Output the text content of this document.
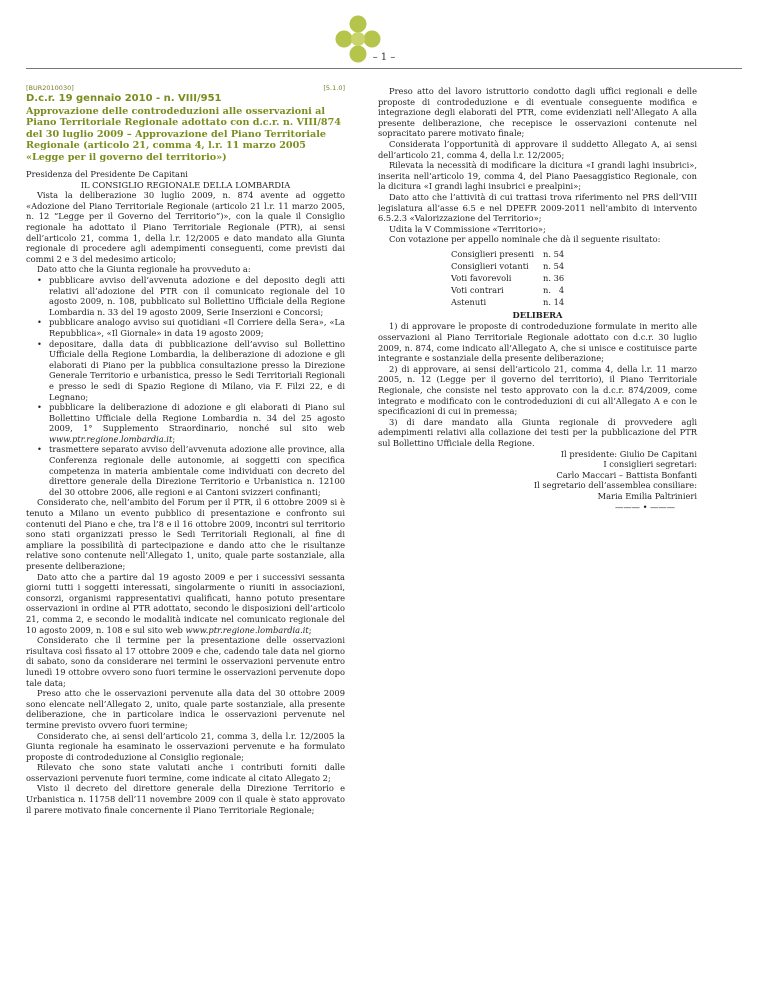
– 1 –
[BUR2010030]	[5.1.0]
D.c.r. 19 gennaio 2010 - n. VIII/951
Approvazione delle controdeduzioni alle osservazioni al Piano Territoriale Regionale adottato con d.c.r. n. VIII/874 del 30 luglio 2009 – Approvazione del Piano Territoriale Regionale (articolo 21, comma 4, l.r. 11 marzo 2005 «Legge per il governo del territorio»)

Presidenza del Presidente De Capitani

IL CONSIGLIO REGIONALE DELLA LOMBARDIA

Vista la deliberazione 30 luglio 2009, n. 874 avente ad oggetto «Adozione del Piano Territoriale Regionale (articolo 21 l.r. 11 marzo 2005, n. 12 “Legge per il Governo del Territorio”)», con la quale il Consiglio regionale ha adottato il Piano Territoriale Regionale (PTR), ai sensi dell’articolo 21, comma 1, della l.r. 12/2005 e dato mandato alla Giunta regionale di procedere agli adempimenti conseguenti, come previsti dai commi 2 e 3 del medesimo articolo;

Dato atto che la Giunta regionale ha provveduto a:

• pubblicare avviso dell’avvenuta adozione e del deposito degli atti relativi all’adozione del PTR con il comunicato regionale del 10 agosto 2009, n. 108, pubblicato sul Bollettino Ufficiale della Regione Lombardia n. 33 del 19 agosto 2009, Serie Inserzioni e Concorsi;
• pubblicare analogo avviso sui quotidiani «Il Corriere della Sera», «La Repubblica», «Il Giornale» in data 19 agosto 2009;
• depositare, dalla data di pubblicazione dell’avviso sul Bollettino Ufficiale della Regione Lombardia, la deliberazione di adozione e gli elaborati di Piano per la pubblica consultazione presso la Direzione Generale Territorio e urbanistica, presso le Sedi Territoriali Regionali e presso le sedi di Spazio Regione di Milano, via F. Filzi 22, e di Legnano;
• pubblicare la deliberazione di adozione e gli elaborati di Piano sul Bollettino Ufficiale della Regione Lombardia n. 34 del 25 agosto 2009, 1° Supplemento Straordinario, nonché sul sito web www.ptr.regione.lombardia.it;
• trasmettere separato avviso dell’avvenuta adozione alle province, alla Conferenza regionale delle autonomie, ai soggetti con specifica competenza in materia ambientale come individuati con decreto del direttore generale della Direzione Territorio e Urbanistica n. 12100 del 30 ottobre 2006, alle regioni e ai Cantoni svizzeri confinanti;

Considerato che, nell’ambito del Forum per il PTR, il 6 ottobre 2009 si è tenuto a Milano un evento pubblico di presentazione e confronto sui contenuti del Piano e che, tra l’8 e il 16 ottobre 2009, incontri sul territorio sono stati organizzati presso le Sedi Territoriali Regionali, al fine di ampliare la possibilità di partecipazione e dando atto che le risultanze relative sono contenute nell’Allegato 1, unito, quale parte sostanziale, alla presente deliberazione;

Dato atto che a partire dal 19 agosto 2009 e per i successivi sessanta giorni tutti i soggetti interessati, singolarmente o riuniti in associazioni, consorzi, organismi rappresentativi qualificati, hanno potuto presentare osservazioni in ordine al PTR adottato, secondo le disposizioni dell’articolo 21, comma 2, e secondo le modalità indicate nel comunicato regionale del 10 agosto 2009, n. 108 e sul sito web www.ptr.regione.lombardia.it;

Considerato che il termine per la presentazione delle osservazioni risultava così fissato al 17 ottobre 2009 e che, cadendo tale data nel giorno di sabato, sono da considerare nei termini le osservazioni pervenute entro lunedì 19 ottobre ovvero sono fuori termine le osservazioni pervenute dopo tale data;

Preso atto che le osservazioni pervenute alla data del 30 ottobre 2009 sono elencate nell’Allegato 2, unito, quale parte sostanziale, alla presente deliberazione, che in particolare indica le osservazioni pervenute nel termine previsto ovvero fuori termine;

Considerato che, ai sensi dell’articolo 21, comma 3, della l.r. 12/2005 la Giunta regionale ha esaminato le osservazioni pervenute e ha formulato proposte di controdeduzione al Consiglio regionale;

Rilevato che sono state valutati anche i contributi forniti dalle osservazioni pervenute fuori termine, come indicate al citato Allegato 2;

Visto il decreto del direttore generale della Direzione Territorio e Urbanistica n. 11758 dell’11 novembre 2009 con il quale è stato approvato il parere motivato finale concernente il Piano Territoriale Regionale;

Preso atto del lavoro istruttorio condotto dagli uffici regionali e delle proposte di controdeduzione e di eventuale conseguente modifica e integrazione degli elaborati del PTR, come evidenziati nell’Allegato A alla presente deliberazione, che recepisce le osservazioni contenute nel sopracitato parere motivato finale;

Considerata l’opportunità di approvare il suddetto Allegato A, ai sensi dell’articolo 21, comma 4, della l.r. 12/2005;

Rilevata la necessità di modificare la dicitura «I grandi laghi insubrici», inserita nell’articolo 19, comma 4, del Piano Paesaggistico Regionale, con la dicitura «I grandi laghi insubrici e prealpini»;

Dato atto che l’attività di cui trattasi trova riferimento nel PRS dell’VIII legislatura all’asse 6.5 e nel DPEFR 2009-2011 nell’ambito di intervento 6.5.2.3 «Valorizzazione del Territorio»;

Udita la V Commissione «Territorio»;

Con votazione per appello nominale che dà il seguente risultato:

Consiglieri presenti	n. 54
Consiglieri votanti	n. 54
Voti favorevoli	n. 36
Voti contrari	n.   4
Astenuti	n. 14
DELIBERA

1) di approvare le proposte di controdeduzione formulate in merito alle osservazioni al Piano Territoriale Regionale adottato con d.c.r. 30 luglio 2009, n. 874, come indicato all’Allegato A, che si unisce e costituisce parte integrante e sostanziale della presente deliberazione;

2) di approvare, ai sensi dell’articolo 21, comma 4, della l.r. 11 marzo 2005, n. 12 (Legge per il governo del territorio), il Piano Territoriale Regionale, che consiste nel testo approvato con la d.c.r. 874/2009, come integrato e modificato con le controdeduzioni di cui all’Allegato A e con le specificazioni di cui in premessa;

3) di dare mandato alla Giunta regionale di provvedere agli adempimenti relativi alla collazione dei testi per la pubblicazione del PTR sul Bollettino Ufficiale della Regione.

Il presidente: Giulio De Capitani

I consiglieri segretari:

Carlo Maccari – Battista Bonfanti

Il segretario dell’assemblea consiliare:

Maria Emilia Paltrinieri

——— • ———
